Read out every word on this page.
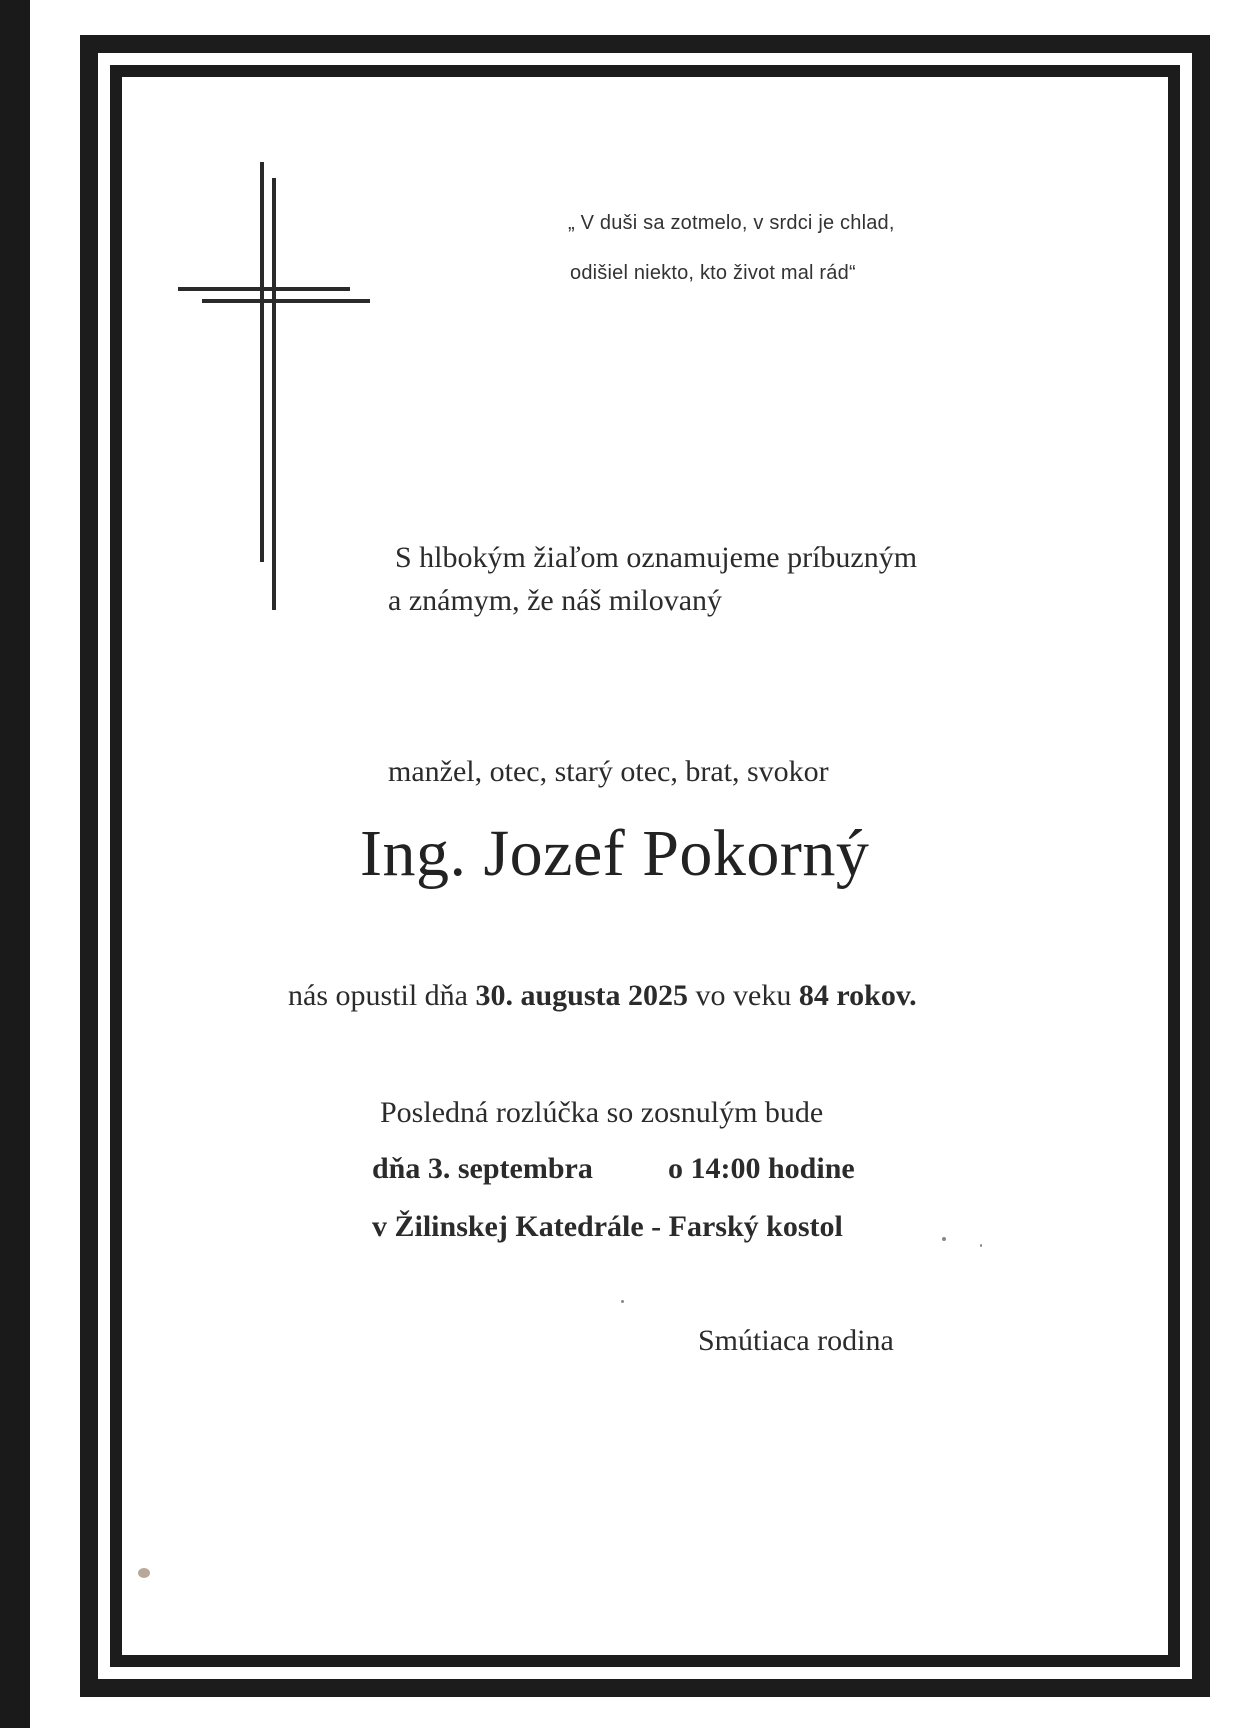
„ V duši sa zotmelo, v srdci je chlad,
odišiel niekto, kto život mal rád“
S hlbokým žiaľom oznamujeme príbuzným
a známym, že náš milovaný
manžel, otec, starý otec, brat, svokor
Ing. Jozef Pokorný
nás opustil dňa 30. augusta 2025 vo veku 84 rokov.
Posledná rozlúčka so zosnulým bude
dňa 3. septembra	o 14:00 hodine
v Žilinskej Katedrále - Farský kostol
Smútiaca rodina
